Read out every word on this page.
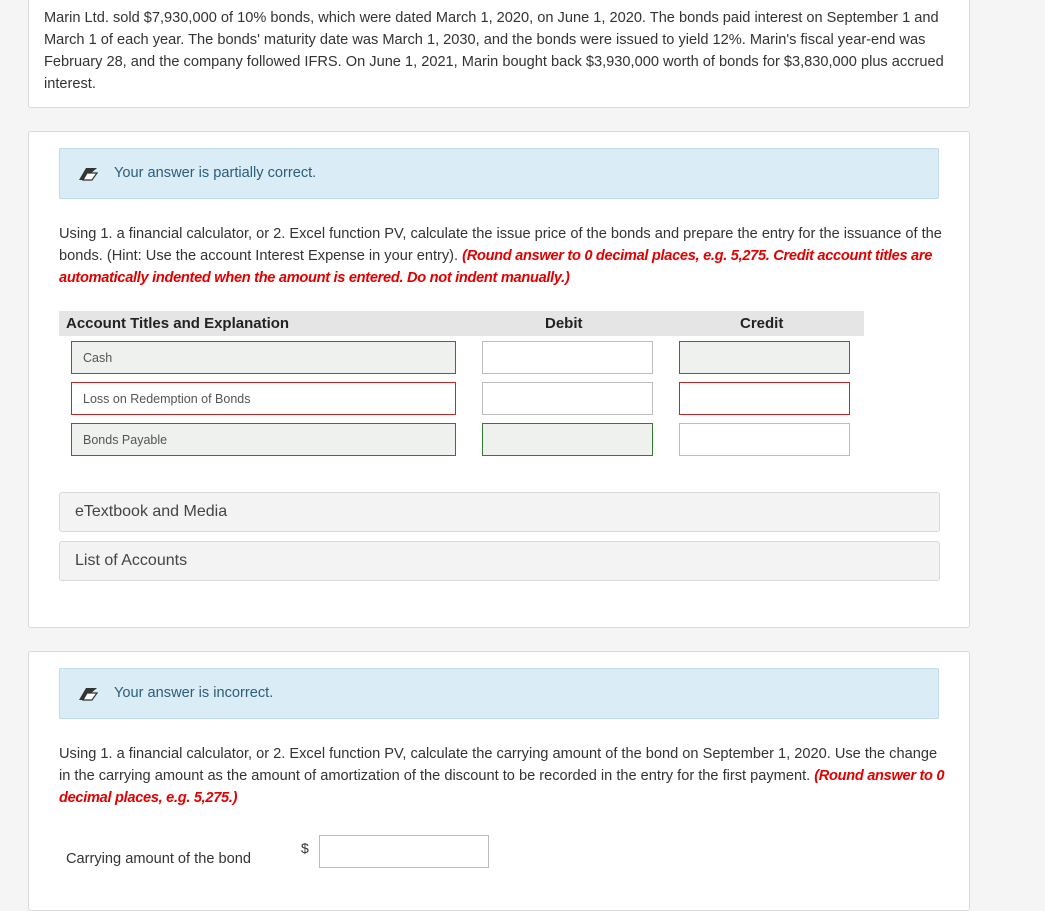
Marin Ltd. sold $7,930,000 of 10% bonds, which were dated March 1, 2020, on June 1, 2020. The bonds paid interest on September 1 and March 1 of each year. The bonds' maturity date was March 1, 2030, and the bonds were issued to yield 12%. Marin's fiscal year-end was February 28, and the company followed IFRS. On June 1, 2021, Marin bought back $3,930,000 worth of bonds for $3,830,000 plus accrued interest.
Your answer is partially correct.
Using 1. a financial calculator, or 2. Excel function PV, calculate the issue price of the bonds and prepare the entry for the issuance of the bonds. (Hint: Use the account Interest Expense in your entry). (Round answer to 0 decimal places, e.g. 5,275. Credit account titles are automatically indented when the amount is entered. Do not indent manually.)
Account Titles and Explanation	Debit	Credit
Cash
Loss on Redemption of Bonds
Bonds Payable
eTextbook and Media
List of Accounts
Your answer is incorrect.
Using 1. a financial calculator, or 2. Excel function PV, calculate the carrying amount of the bond on September 1, 2020. Use the change in the carrying amount as the amount of amortization of the discount to be recorded in the entry for the first payment. (Round answer to 0 decimal places, e.g. 5,275.)
Carrying amount of the bond
$
